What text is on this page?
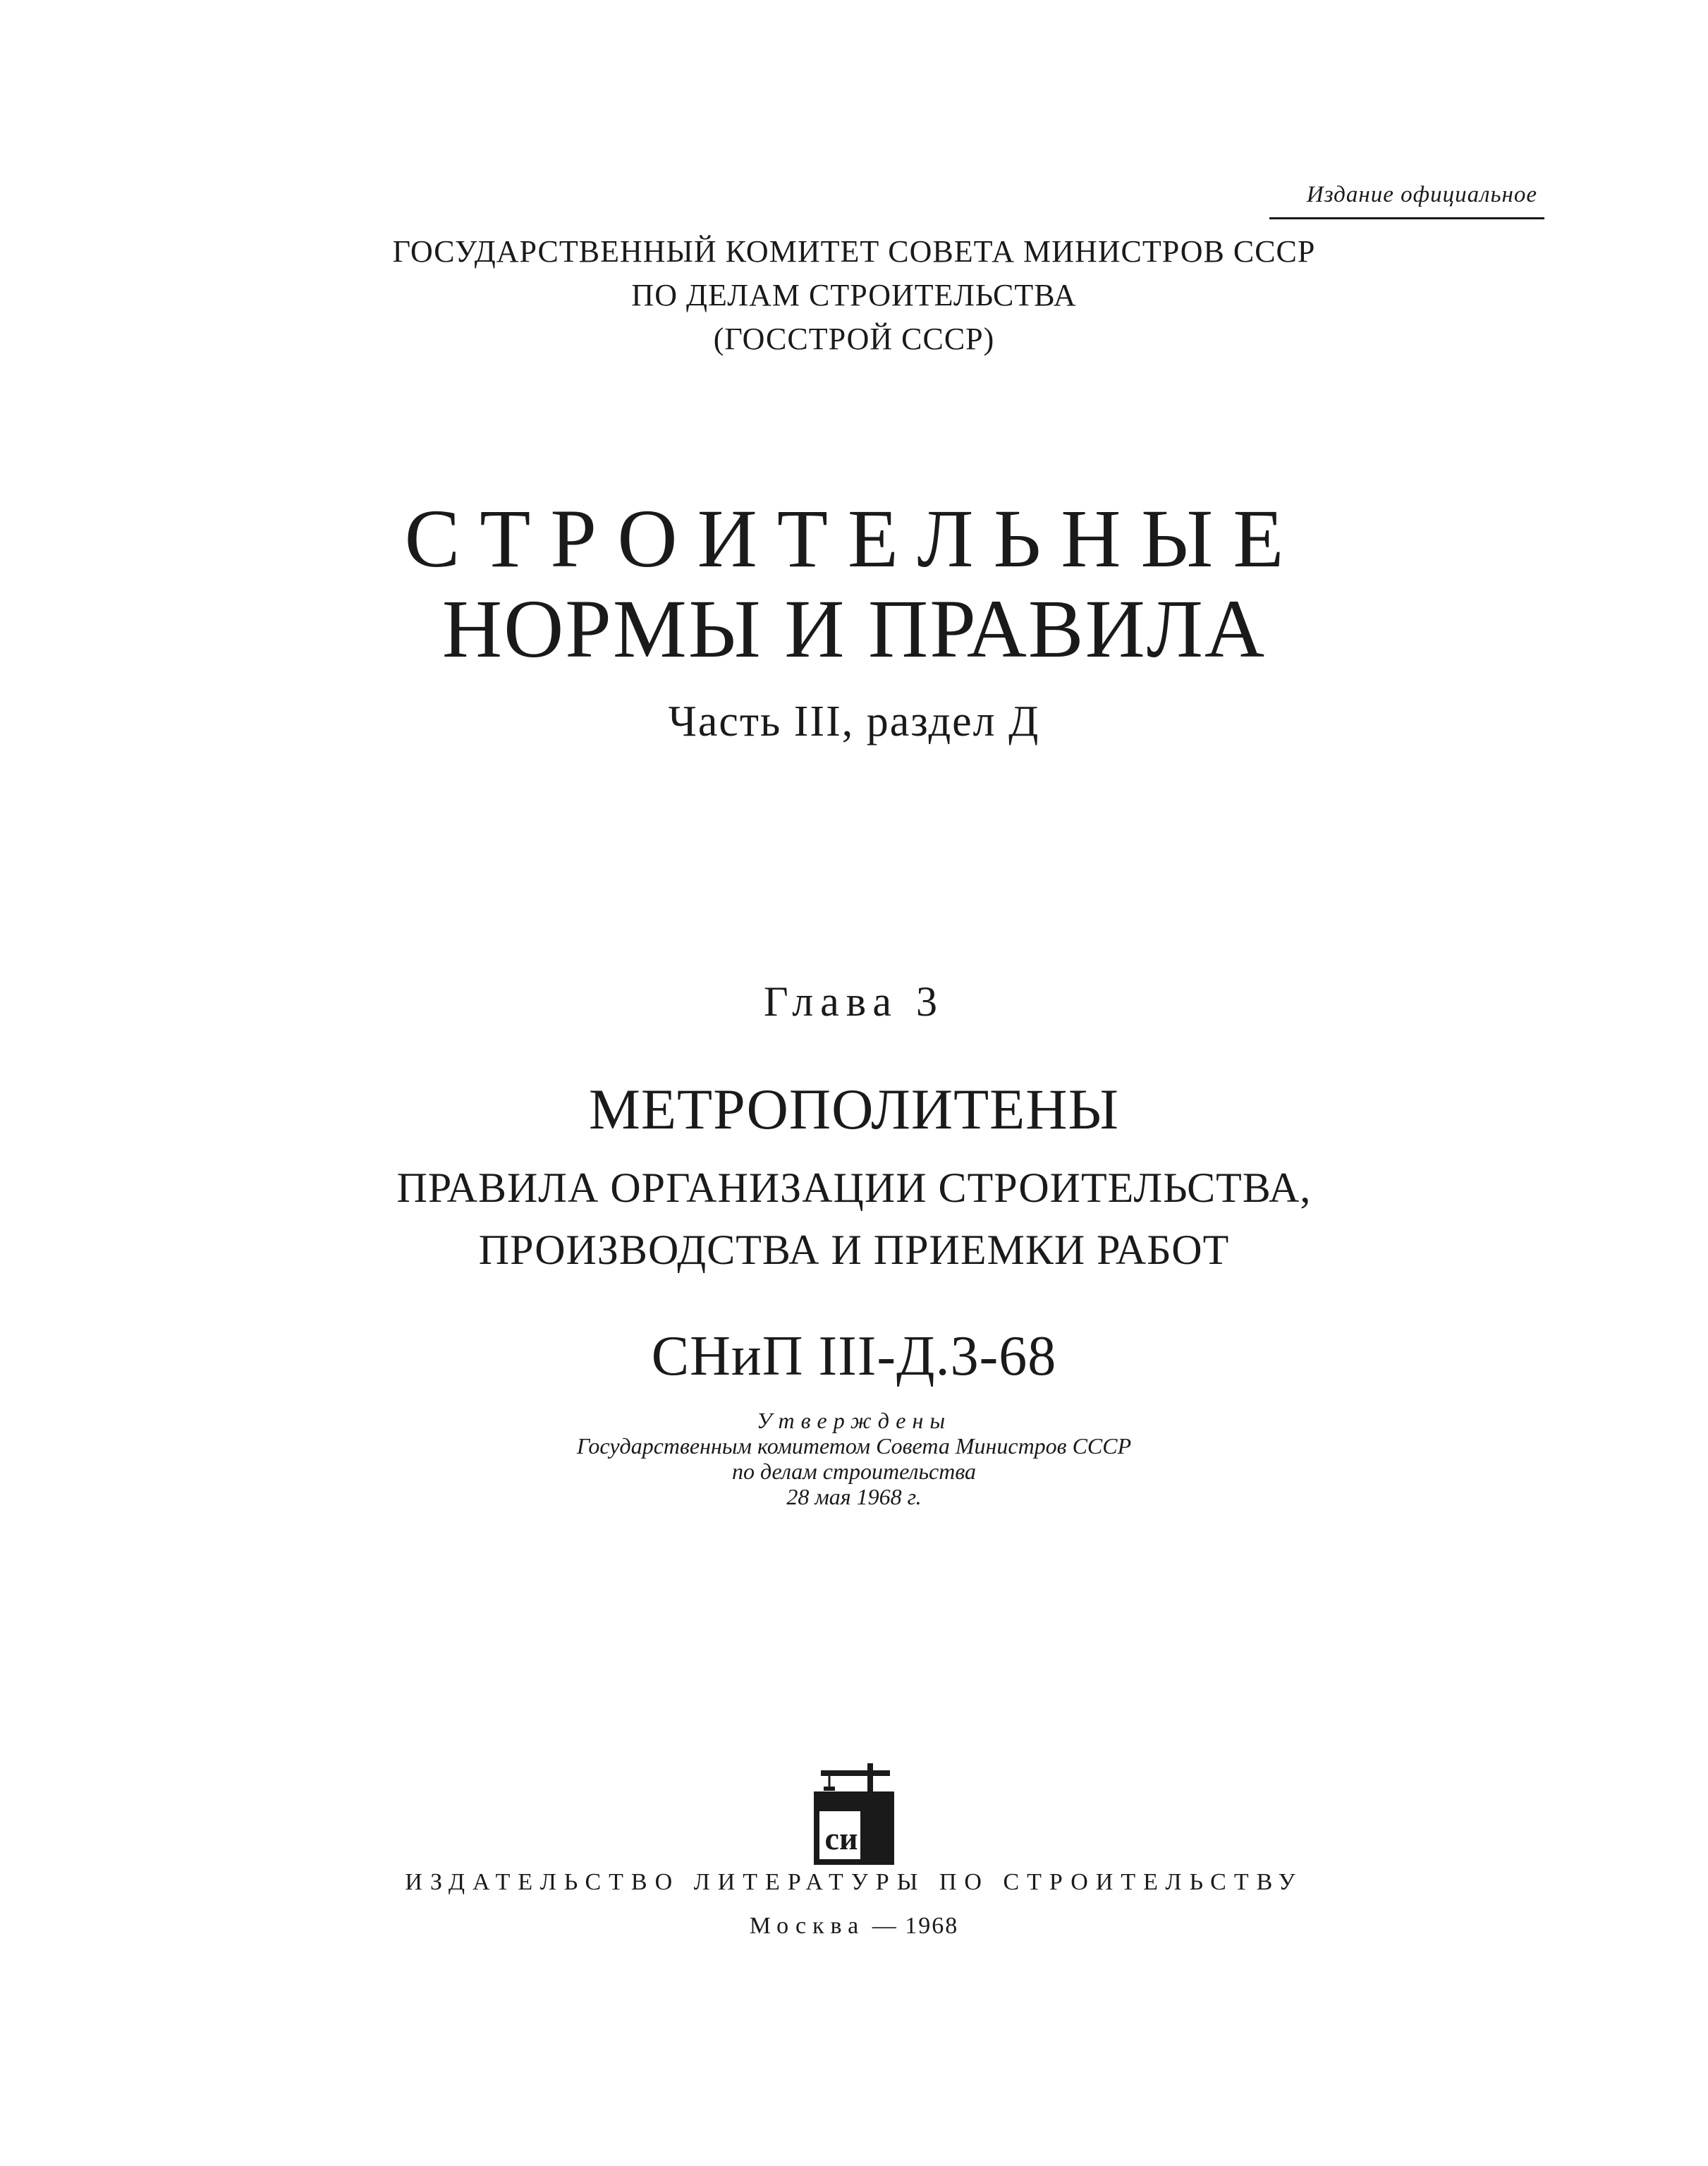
Издание официальное
ГОСУДАРСТВЕННЫЙ КОМИТЕТ СОВЕТА МИНИСТРОВ СССР
ПО ДЕЛАМ СТРОИТЕЛЬСТВА
(ГОССТРОЙ СССР)
СТРОИТЕЛЬНЫЕ
НОРМЫ И ПРАВИЛА
Часть III, раздел Д
Глава 3
МЕТРОПОЛИТЕНЫ
ПРАВИЛА ОРГАНИЗАЦИИ СТРОИТЕЛЬСТВА,
ПРОИЗВОДСТВА И ПРИЕМКИ РАБОТ
СНиП III-Д.3-68
Утверждены
Государственным комитетом Совета Министров СССР
по делам строительства
28 мая 1968 г.
си
ИЗДАТЕЛЬСТВО ЛИТЕРАТУРЫ ПО СТРОИТЕЛЬСТВУ
Москва — 1968
